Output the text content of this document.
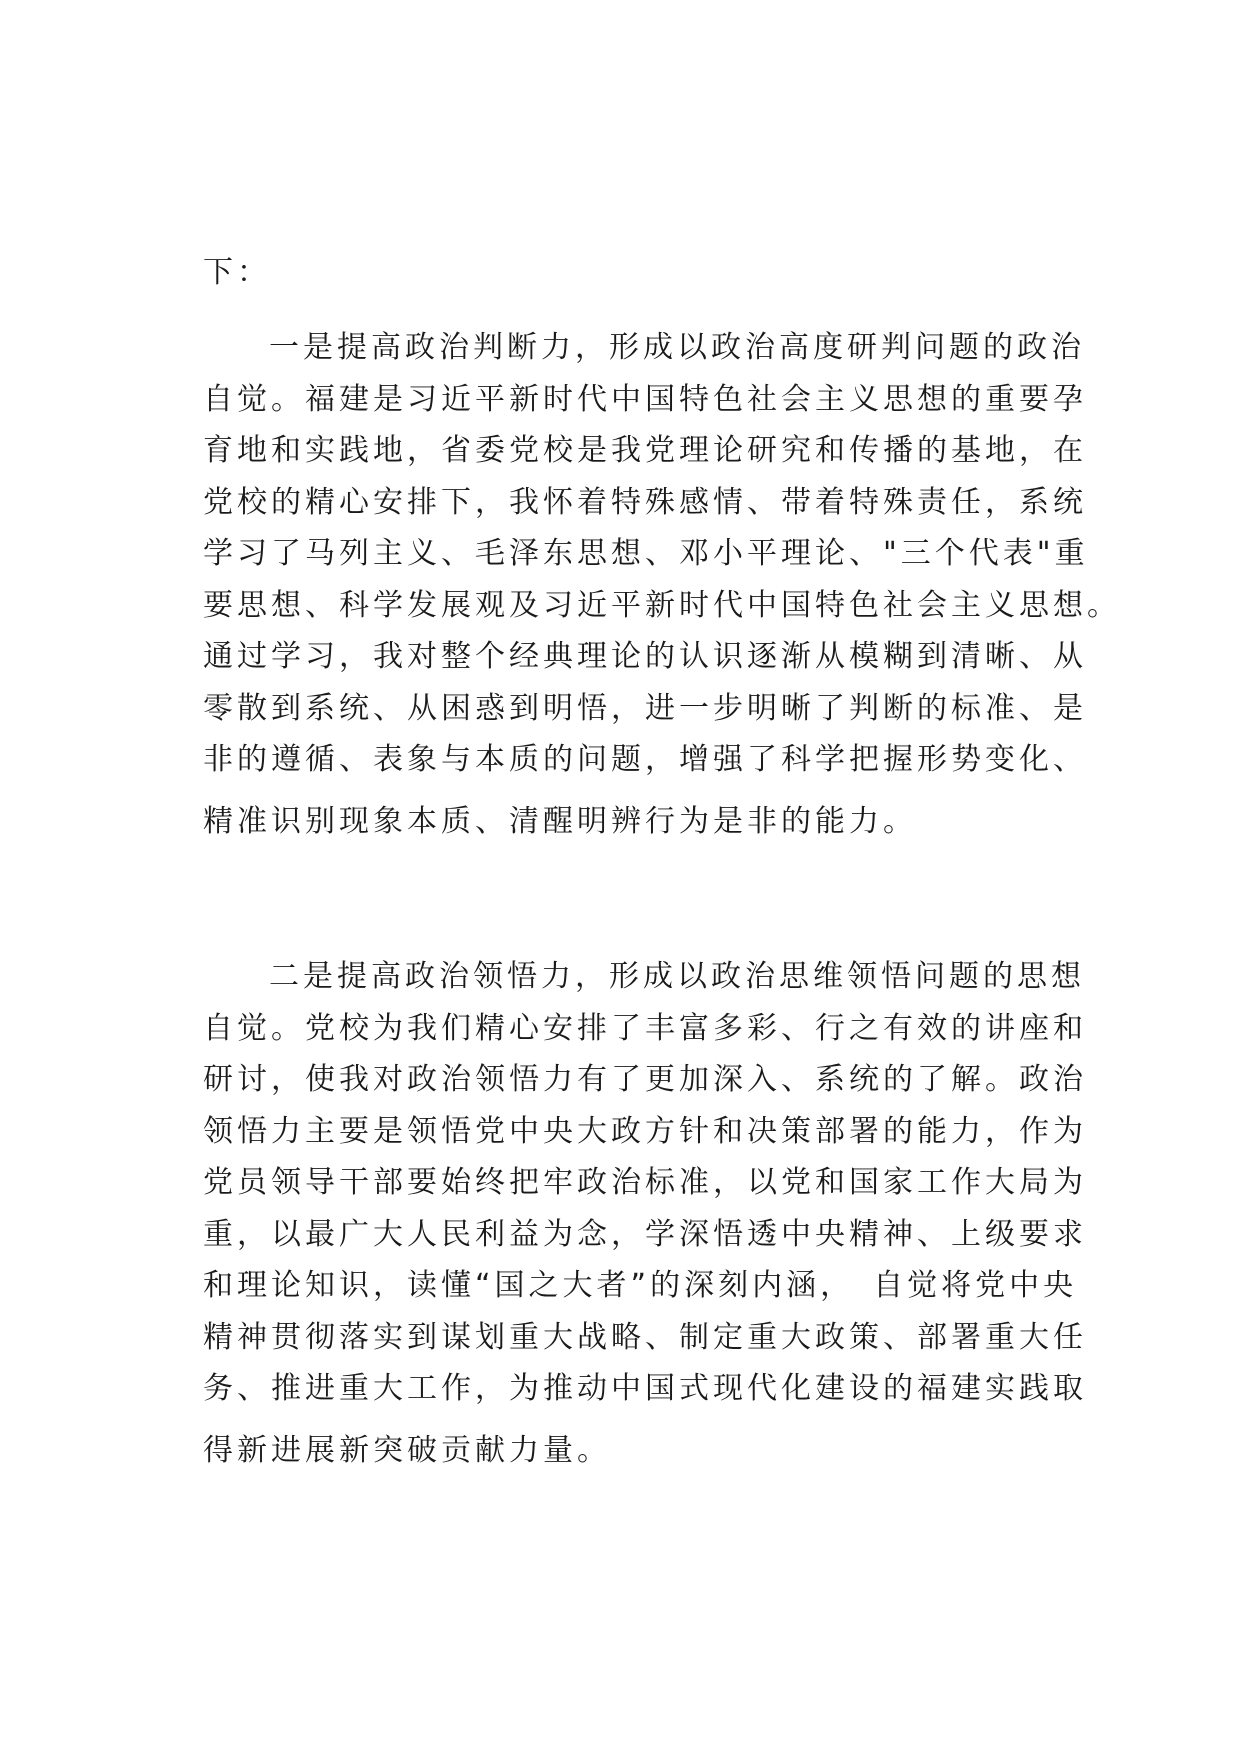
下：
一是提高政治判断力，形成以政治高度研判问题的政治
自觉。福建是习近平新时代中国特色社会主义思想的重要孕
育地和实践地，省委党校是我党理论研究和传播的基地，在
党校的精心安排下，我怀着特殊感情、带着特殊责任，系统
学习了马列主义、毛泽东思想、邓小平理论、"三个代表"重
要思想、科学发展观及习近平新时代中国特色社会主义思想。
通过学习，我对整个经典理论的认识逐渐从模糊到清晰、从
零散到系统、从困惑到明悟，进一步明晰了判断的标准、是
非的遵循、表象与本质的问题，增强了科学把握形势变化、
精准识别现象本质、清醒明辨行为是非的能力。
二是提高政治领悟力，形成以政治思维领悟问题的思想
自觉。党校为我们精心安排了丰富多彩、行之有效的讲座和
研讨，使我对政治领悟力有了更加深入、系统的了解。政治
领悟力主要是领悟党中央大政方针和决策部署的能力，作为
党员领导干部要始终把牢政治标准，以党和国家工作大局为
重，以最广大人民利益为念，学深悟透中央精神、上级要求
和理论知识，读懂“国之大者”的深刻内涵，　自觉将党中央
精神贯彻落实到谋划重大战略、制定重大政策、部署重大任
务、推进重大工作，为推动中国式现代化建设的福建实践取
得新进展新突破贡献力量。
